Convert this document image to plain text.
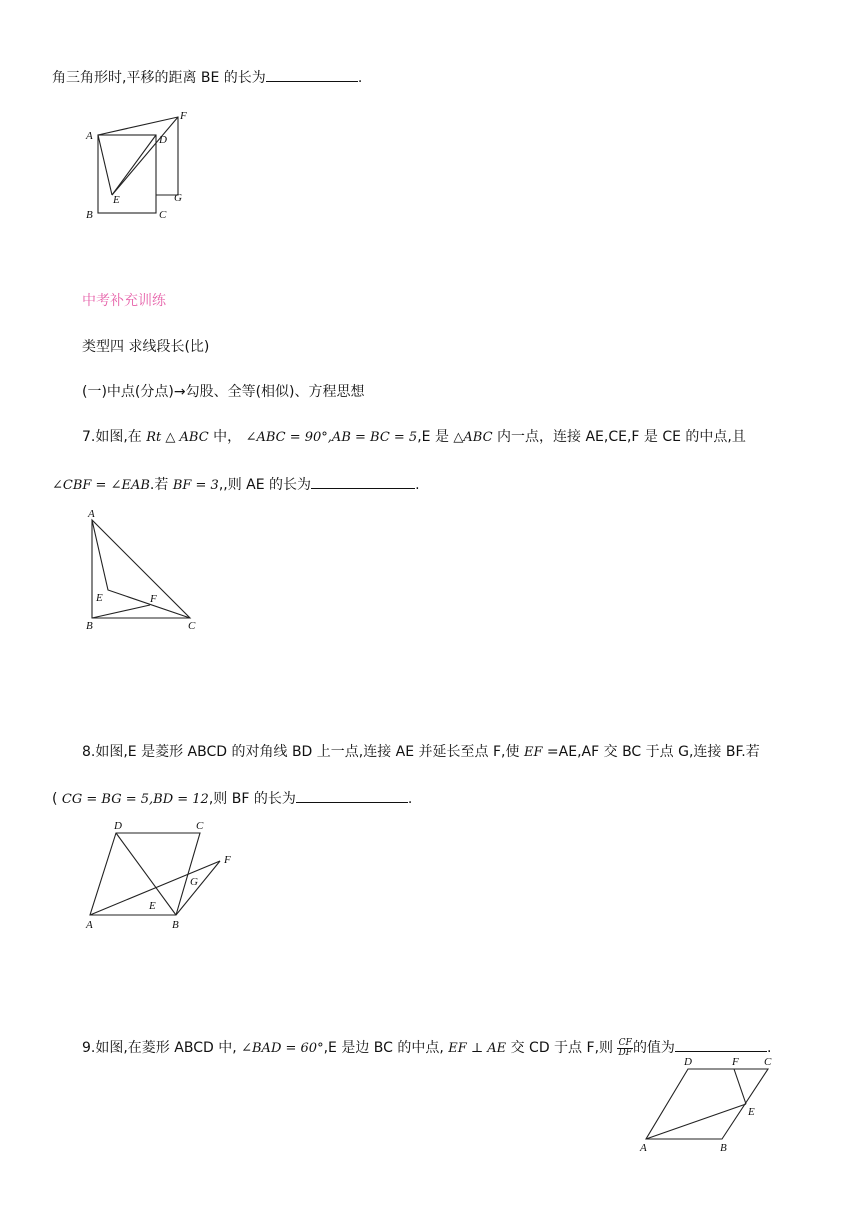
角三角形时,平移的距离 BE 的长为	.
A
F
D
E	G
B	C
中考补充训练
类型四 求线段长(比)
(一)中点(分点)→勾股、全等(相似)、方程思想
7.如图,在 Rt △ ABC 中， ∠ABC = 90°,AB = BC = 5,E 是 △ABC 内一点，连接 AE,CE,F 是 CE 的中点,且
∠CBF = ∠EAB.若 BF = 3,,则 AE 的长为	.
A
E	F
B	C
8.如图,E 是菱形 ABCD 的对角线 BD 上一点,连接 AE 并延长至点 F,使 EF =AE,AF 交 BC 于点 G,连接 BF.若
( CG = BG = 5,BD = 12,则 BF 的长为	.
D	C
F
G
E
A	B
9.如图,在菱形 ABCD 中, ∠BAD = 60°,E 是边 BC 的中点, EF ⊥ AE 交 CD 于点 F,则 $\frac{CF}{DF}$ 的值为	.
D	F C
E
A	B
